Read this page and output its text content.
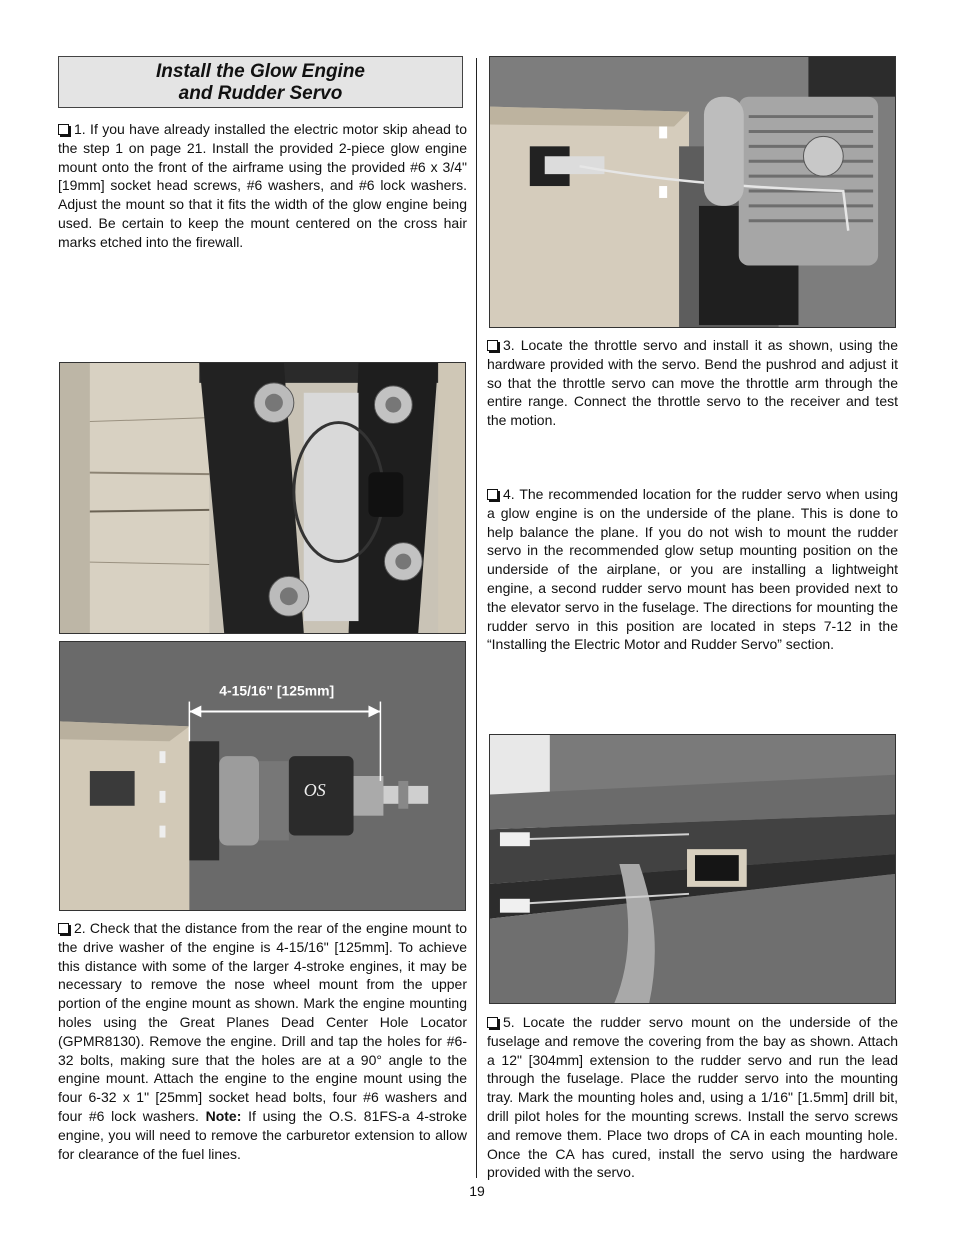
Install the Glow Engine
and Rudder Servo

1. If you have already installed the electric motor skip ahead to the step 1 on page 21. Install the provided 2-piece glow engine mount onto the front of the airframe using the provided #6 x 3/4" [19mm] socket head screws, #6 washers, and #6 lock washers. Adjust the mount so that it fits the width of the glow engine being used. Be certain to keep the mount centered on the cross hair marks etched into the firewall.

4-15/16" [125mm]
OS

2. Check that the distance from the rear of the engine mount to the drive washer of the engine is 4-15/16" [125mm]. To achieve this distance with some of the larger 4-stroke engines, it may be necessary to remove the nose wheel mount from the upper portion of the engine mount as shown. Mark the engine mounting holes using the Great Planes Dead Center Hole Locator (GPMR8130). Remove the engine. Drill and tap the holes for #6-32 bolts, making sure that the holes are at a 90° angle to the engine mount. Attach the engine to the engine mount using the four 6-32 x 1" [25mm] socket head bolts, four #6 washers and four #6 lock washers. Note: If using the O.S. 81FS-a 4-stroke engine, you will need to remove the carburetor extension to allow for clearance of the fuel lines.

3. Locate the throttle servo and install it as shown, using the hardware provided with the servo. Bend the pushrod and adjust it so that the throttle servo can move the throttle arm through the entire range. Connect the throttle servo to the receiver and test the motion.

4. The recommended location for the rudder servo when using a glow engine is on the underside of the plane. This is done to help balance the plane. If you do not wish to mount the rudder servo in the recommended glow setup mounting position on the underside of the airplane, or you are installing a lightweight engine, a second rudder servo mount has been provided next to the elevator servo in the fuselage. The directions for mounting the rudder servo in this position are located in steps 7-12 in the “Installing the Electric Motor and Rudder Servo” section.

5. Locate the rudder servo mount on the underside of the fuselage and remove the covering from the bay as shown. Attach a 12" [304mm] extension to the rudder servo and run the lead through the fuselage. Place the rudder servo into the mounting tray. Mark the mounting holes and, using a 1/16" [1.5mm] drill bit, drill pilot holes for the mounting screws. Install the servo screws and remove them. Place two drops of CA in each mounting hole. Once the CA has cured, install the servo using the hardware provided with the servo.

19
